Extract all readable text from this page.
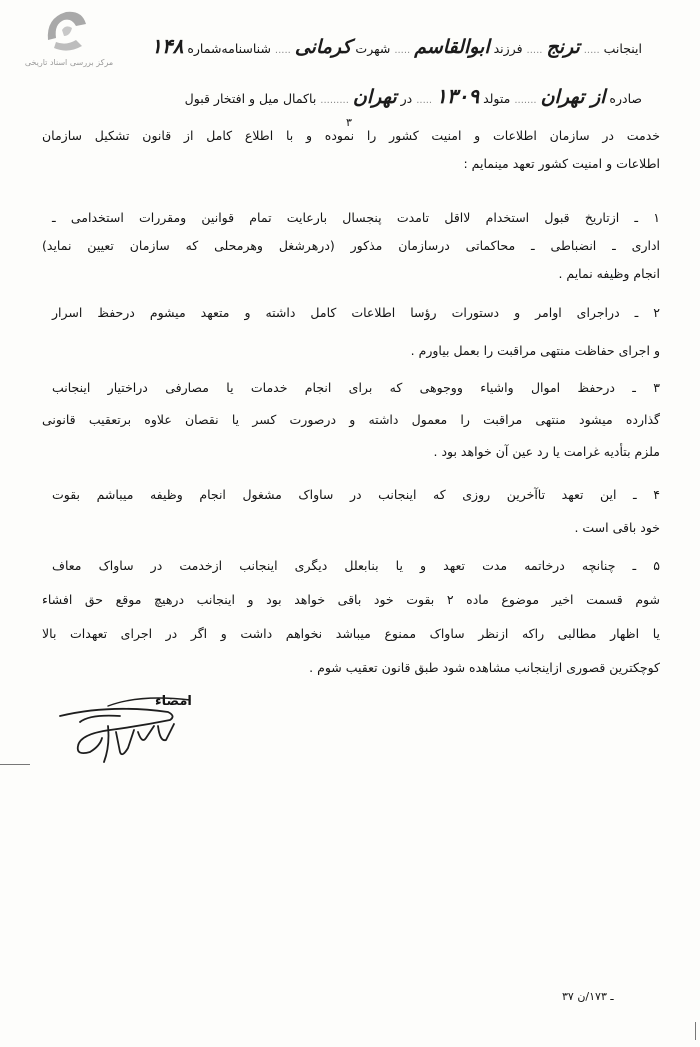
مرکز بررسی اسناد تاریخی
اینجانب ..... ترنج ..... فرزند ابوالقاسم ..... شهرت کرمانی ..... شناسنامه‌شماره ۱۴۸
صادره از تهران ....... متولد ۱۳۰۹ ..... در تهران ......... باکمال میل و افتخار قبول
خدمت در سازمان اطلاعات و امنیت کشور را نموده و با اطلاع کامل از قانون تشکیل سازمان
۳
اطلاعات و امنیت کشور تعهد مینمایم :
۱ ـ ازتاریخ قبول استخدام لااقل تامدت پنجسال بارعایت تمام قوانین ومقررات استخدامی ـ
اداری ـ انضباطی ـ محاکماتی درسازمان مذکور (درهرشغل وهرمحلی که سازمان تعیین نماید)
انجام وظیفه نمایم .
۲ ـ دراجرای اوامر و دستورات رؤسا اطلاعات کامل داشته و متعهد میشوم درحفظ اسرار
و اجرای حفاظت منتهی مراقبت را بعمل بیاورم .
۳ ـ درحفظ اموال واشیاء ووجوهی که برای انجام خدمات یا مصارفی دراختیار اینجانب
گذارده میشود منتهی مراقبت را معمول داشته و درصورت کسر یا نقصان علاوه برتعقیب قانونی
ملزم بتأدیه غرامت یا رد عین آن خواهد بود .
۴ ـ این تعهد تاآخرین روزی که اینجانب در ساواک مشغول انجام وظیفه میباشم بقوت
خود باقی است .
۵ ـ چنانچه درخاتمه مدت تعهد و یا بنابعلل دیگری اینجانب ازخدمت در ساواک معاف
شوم قسمت اخیر موضوع ماده ۲ بقوت خود باقی خواهد بود و اینجانب درهیچ موقع حق افشاء
یا اظهار مطالبی راکه ازنظر ساواک ممنوع میباشد نخواهم داشت و اگر در اجرای تعهدات بالا
کوچکترین قصوری ازاینجانب مشاهده شود طبق قانون تعقیب شوم .
امضاء
۳۷ ـ ۱۷۳/ن
